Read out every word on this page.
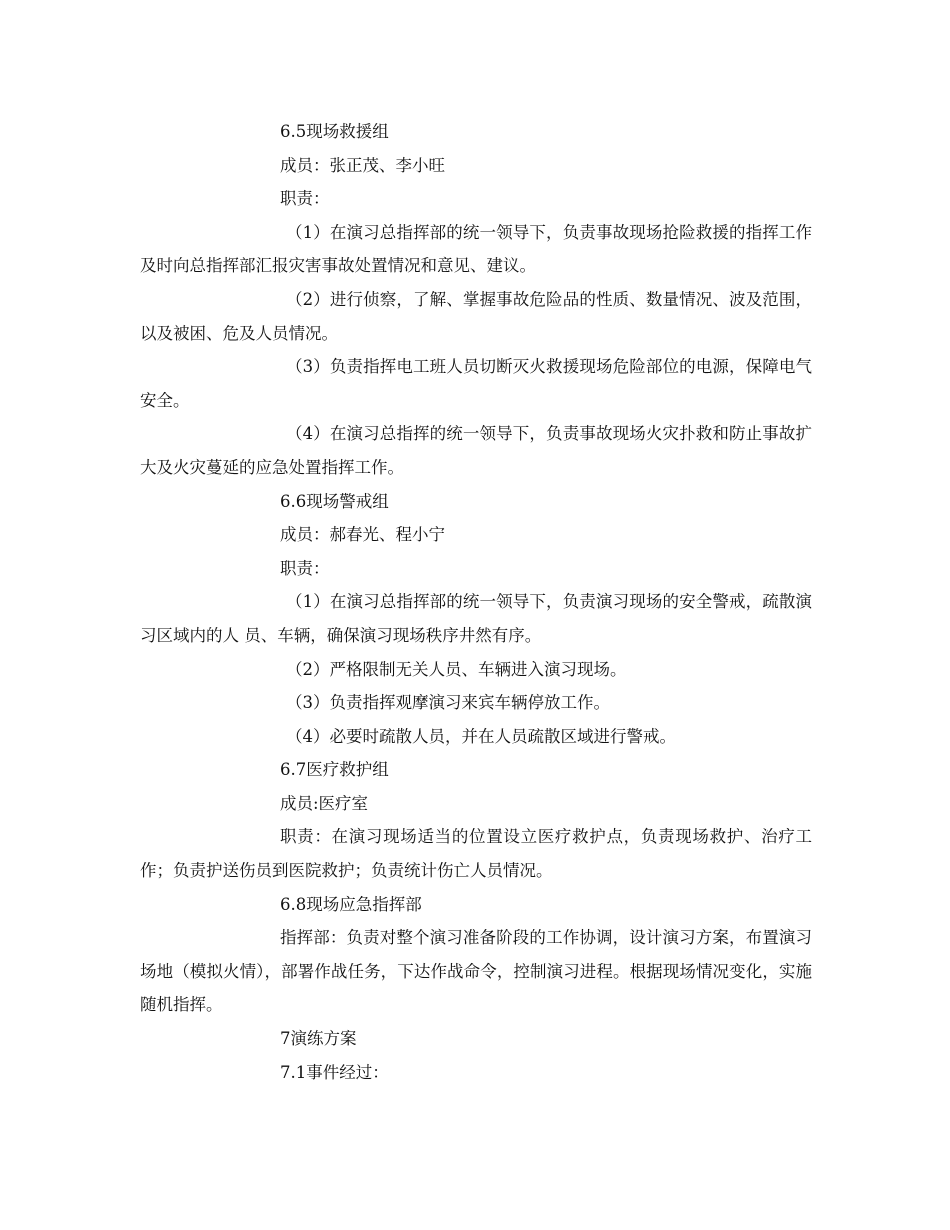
6.5现场救援组
成员：张正茂、李小旺
职责：
（1）在演习总指挥部的统一领导下，负责事故现场抢险救援的指挥工作及时向总指挥部汇报灾害事故处置情况和意见、建议。
（2）进行侦察，了解、掌握事故危险品的性质、数量情况、波及范围，以及被困、危及人员情况。
（3）负责指挥电工班人员切断灭火救援现场危险部位的电源，保障电气安全。
（4）在演习总指挥的统一领导下，负责事故现场火灾扑救和防止事故扩大及火灾蔓延的应急处置指挥工作。
6.6现场警戒组
成员：郝春光、程小宁
职责：
（1）在演习总指挥部的统一领导下，负责演习现场的安全警戒，疏散演习区域内的人 员、车辆，确保演习现场秩序井然有序。
（2）严格限制无关人员、车辆进入演习现场。
（3）负责指挥观摩演习来宾车辆停放工作。
（4）必要时疏散人员，并在人员疏散区域进行警戒。
6.7医疗救护组
成员:医疗室
职责：在演习现场适当的位置设立医疗救护点，负责现场救护、治疗工作；负责护送伤员到医院救护；负责统计伤亡人员情况。
6.8现场应急指挥部
指挥部：负责对整个演习准备阶段的工作协调，设计演习方案，布置演习场地（模拟火情），部署作战任务，下达作战命令，控制演习进程。根据现场情况变化，实施随机指挥。
7演练方案
7.1事件经过：
